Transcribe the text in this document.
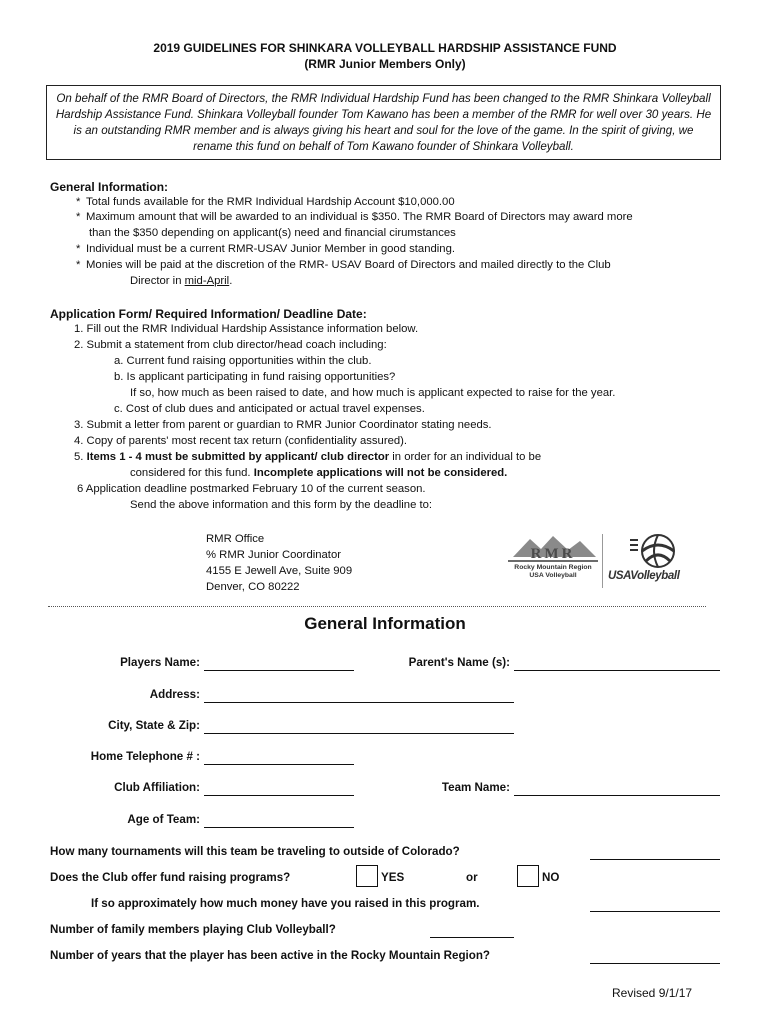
2019 GUIDELINES FOR SHINKARA VOLLEYBALL HARDSHIP ASSISTANCE FUND
(RMR Junior Members Only)
On behalf of the RMR Board of Directors, the RMR Individual Hardship Fund has been changed to the RMR Shinkara Volleyball Hardship Assistance Fund. Shinkara Volleyball founder Tom Kawano has been a member of the RMR for well over 30 years. He is an outstanding RMR member and is always giving his heart and soul for the love of the game. In the spirit of giving, we rename this fund on behalf of Tom Kawano founder of Shinkara Volleyball.
General Information:
* Total funds available for the RMR Individual Hardship Account $10,000.00
* Maximum amount that will be awarded to an individual is $350. The RMR Board of Directors may award more
than the $350 depending on applicant(s) need and financial cirumstances
* Individual must be a current RMR-USAV Junior Member in good standing.
* Monies will be paid at the discretion of the RMR- USAV Board of Directors and mailed directly to the Club
Director in mid-April.
Application Form/ Required Information/ Deadline Date:
1. Fill out the RMR Individual Hardship Assistance information below.
2. Submit a statement from club director/head coach including:
a. Current fund raising opportunities within the club.
b. Is applicant participating in fund raising opportunities?
If so, how much as been raised to date, and how much is applicant expected to raise for the year.
c. Cost of club dues and anticipated or actual travel expenses.
3. Submit a letter from parent or guardian to RMR Junior Coordinator stating needs.
4. Copy of parents' most recent tax return (confidentiality assured).
5. Items 1 - 4 must be submitted by applicant/ club director in order for an individual to be
considered for this fund. Incomplete applications will not be considered.
6 Application deadline postmarked February 10 of the current season.
Send the above information and this form by the deadline to:
RMR Office
% RMR Junior Coordinator
4155 E Jewell Ave, Suite 909
Denver, CO 80222
RMR
Rocky Mountain Region
USA Volleyball	USAVolleyball
General Information
Players Name:	Parent's Name (s):
Address:
City, State & Zip:
Home Telephone # :
Club Affiliation:	Team Name:
Age of Team:
How many tournaments will this team be traveling to outside of Colorado?
Does the Club offer fund raising programs?	YES	or	NO
If so approximately how much money have you raised in this program.
Number of family members playing Club Volleyball?
Number of years that the player has been active in the Rocky Mountain Region?
Revised 9/1/17
